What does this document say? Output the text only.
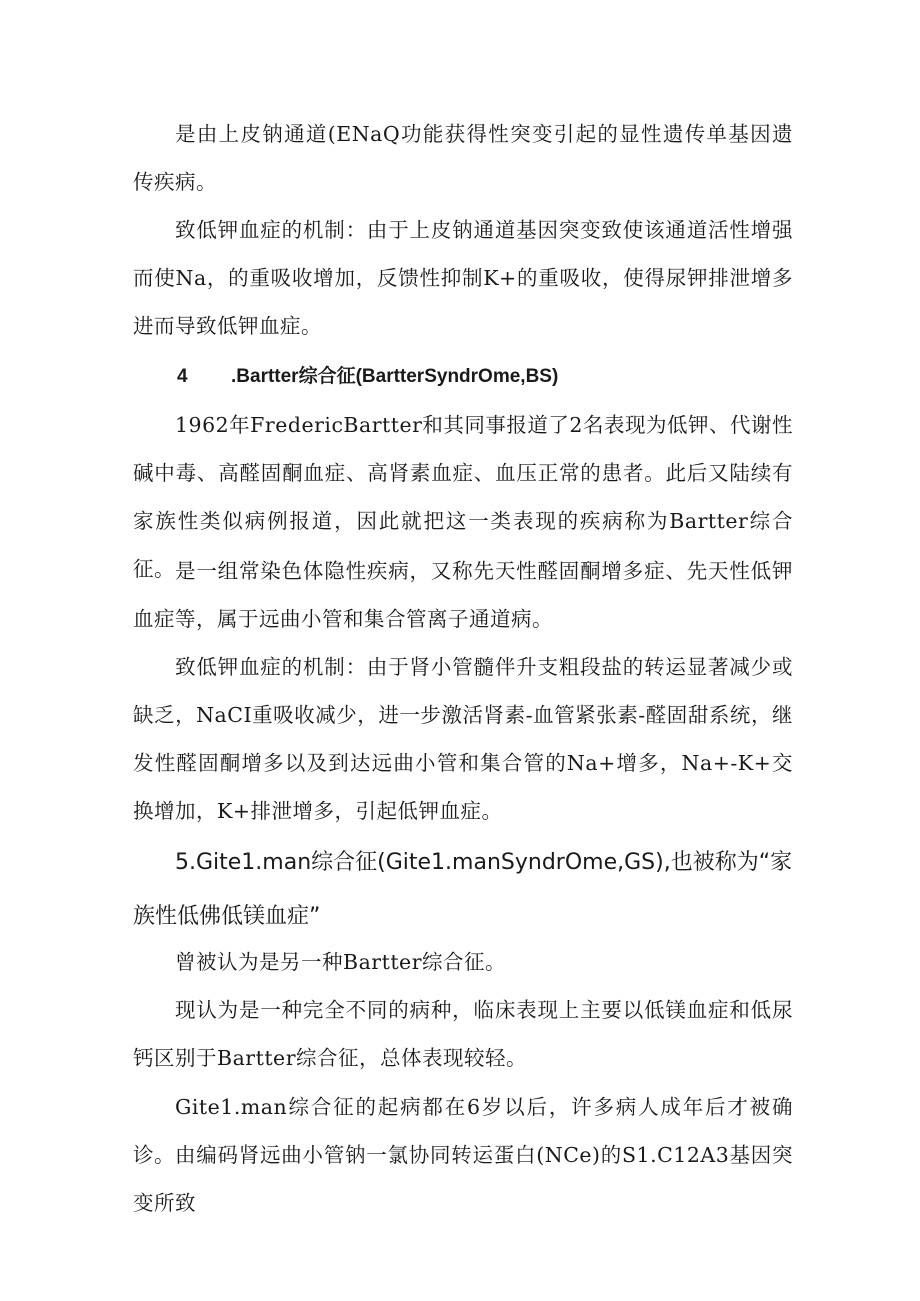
是由上皮钠通道(ENaQ功能获得性突变引起的显性遗传单基因遗传疾病。

致低钾血症的机制：由于上皮钠通道基因突变致使该通道活性增强而使Na，的重吸收增加，反馈性抑制K+的重吸收，使得尿钾排泄增多进而导致低钾血症。

4 .Bartter综合征(BartterSyndrOme,BS)

1962年FredericBartter和其同事报道了2名表现为低钾、代谢性碱中毒、高醛固酮血症、高肾素血症、血压正常的患者。此后又陆续有家族性类似病例报道，因此就把这一类表现的疾病称为Bartter综合征。 是一组常染色体隐性疾病，又称先天性醛固酮增多症、先天性低钾血症等，属于远曲小管和集合管离子通道病。

致低钾血症的机制：由于肾小管髓伴升支粗段盐的转运显著减少或缺乏，NaCI重吸收减少，进一步激活肾素-血管紧张素-醛固甜系统，继发性醛固酮增多以及到达远曲小管和集合管的Na+增多，Na+-K+交换增加，K+排泄增多，引起低钾血症。

5.Gite1.man综合征(Gite1.manSyndrOme,GS),也被称为“家族性低佛低镁血症”

曾被认为是另一种Bartter综合征。

现认为是一种完全不同的病种，临床表现上主要以低镁血症和低尿钙区别于Bartter综合征，总体表现较轻。

Gite1.man综合征的起病都在6岁以后，许多病人成年后才被确诊。 由编码肾远曲小管钠一氯协同转运蛋白(NCe)的S1.C12A3基因突变所致
